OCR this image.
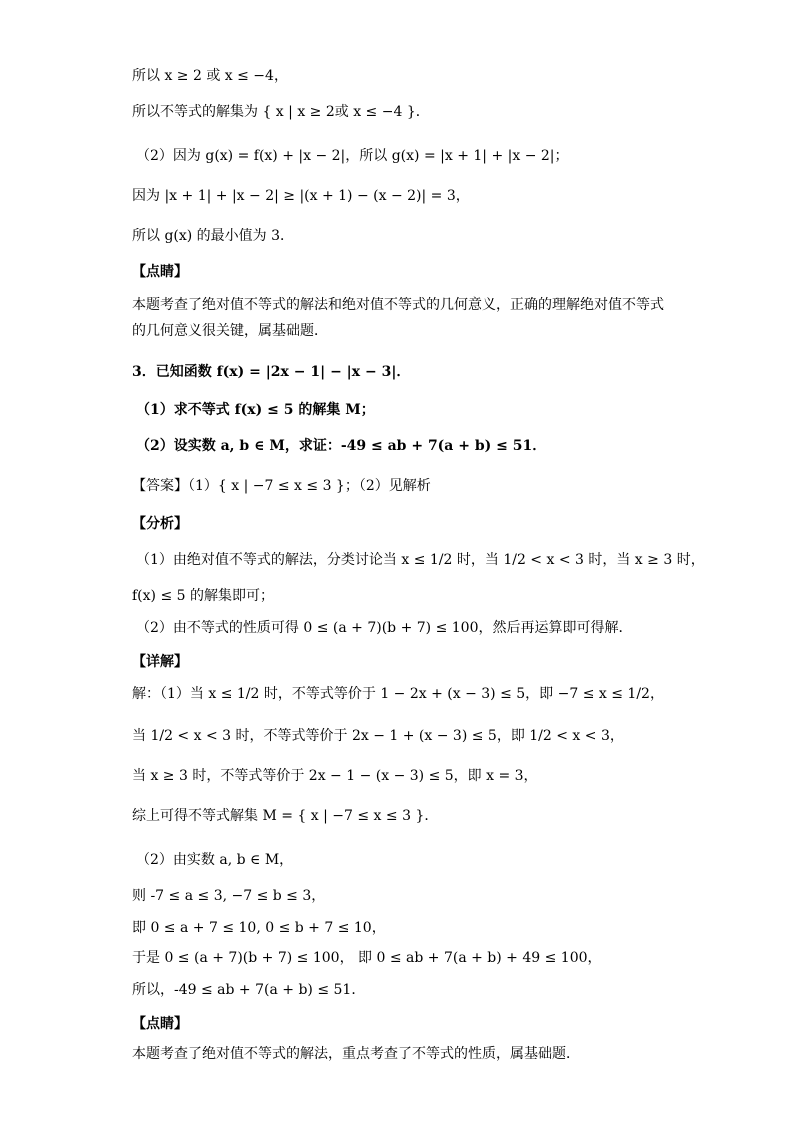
所以 x ≥ 2 或 x ≤ −4，
所以不等式的解集为 { x | x ≥ 2或 x ≤ −4 }．
（2）因为 g(x) = f(x) + |x − 2|，所以 g(x) = |x + 1| + |x − 2|；
因为 |x + 1| + |x − 2| ≥ |(x + 1) − (x − 2)| = 3，
所以 g(x) 的最小值为 3．
【点睛】
本题考查了绝对值不等式的解法和绝对值不等式的几何意义，正确的理解绝对值不等式的几何意义很关键，属基础题．
3．已知函数 f(x) = |2x − 1| − |x − 3|．
（1）求不等式 f(x) ≤ 5 的解集 M；
（2）设实数 a, b ∈ M，求证：-49 ≤ ab + 7(a + b) ≤ 51．
【答案】（1）{ x | −7 ≤ x ≤ 3 }；（2）见解析
【分析】
（1）由绝对值不等式的解法，分类讨论当 x ≤ 1/2 时，当 1/2 < x < 3 时，当 x ≥ 3 时，
f(x) ≤ 5 的解集即可；
（2）由不等式的性质可得 0 ≤ (a + 7)(b + 7) ≤ 100，然后再运算即可得解．
【详解】
解：（1）当 x ≤ 1/2 时，不等式等价于 1 − 2x + (x − 3) ≤ 5，即 −7 ≤ x ≤ 1/2，
当 1/2 < x < 3 时，不等式等价于 2x − 1 + (x − 3) ≤ 5，即 1/2 < x < 3，
当 x ≥ 3 时，不等式等价于 2x − 1 − (x − 3) ≤ 5，即 x = 3，
综上可得不等式解集 M = { x | −7 ≤ x ≤ 3 }．
（2）由实数 a, b ∈ M，
则 -7 ≤ a ≤ 3, −7 ≤ b ≤ 3，
即 0 ≤ a + 7 ≤ 10, 0 ≤ b + 7 ≤ 10，
于是 0 ≤ (a + 7)(b + 7) ≤ 100， 即 0 ≤ ab + 7(a + b) + 49 ≤ 100，
所以，-49 ≤ ab + 7(a + b) ≤ 51．
【点睛】
本题考查了绝对值不等式的解法，重点考查了不等式的性质，属基础题．
